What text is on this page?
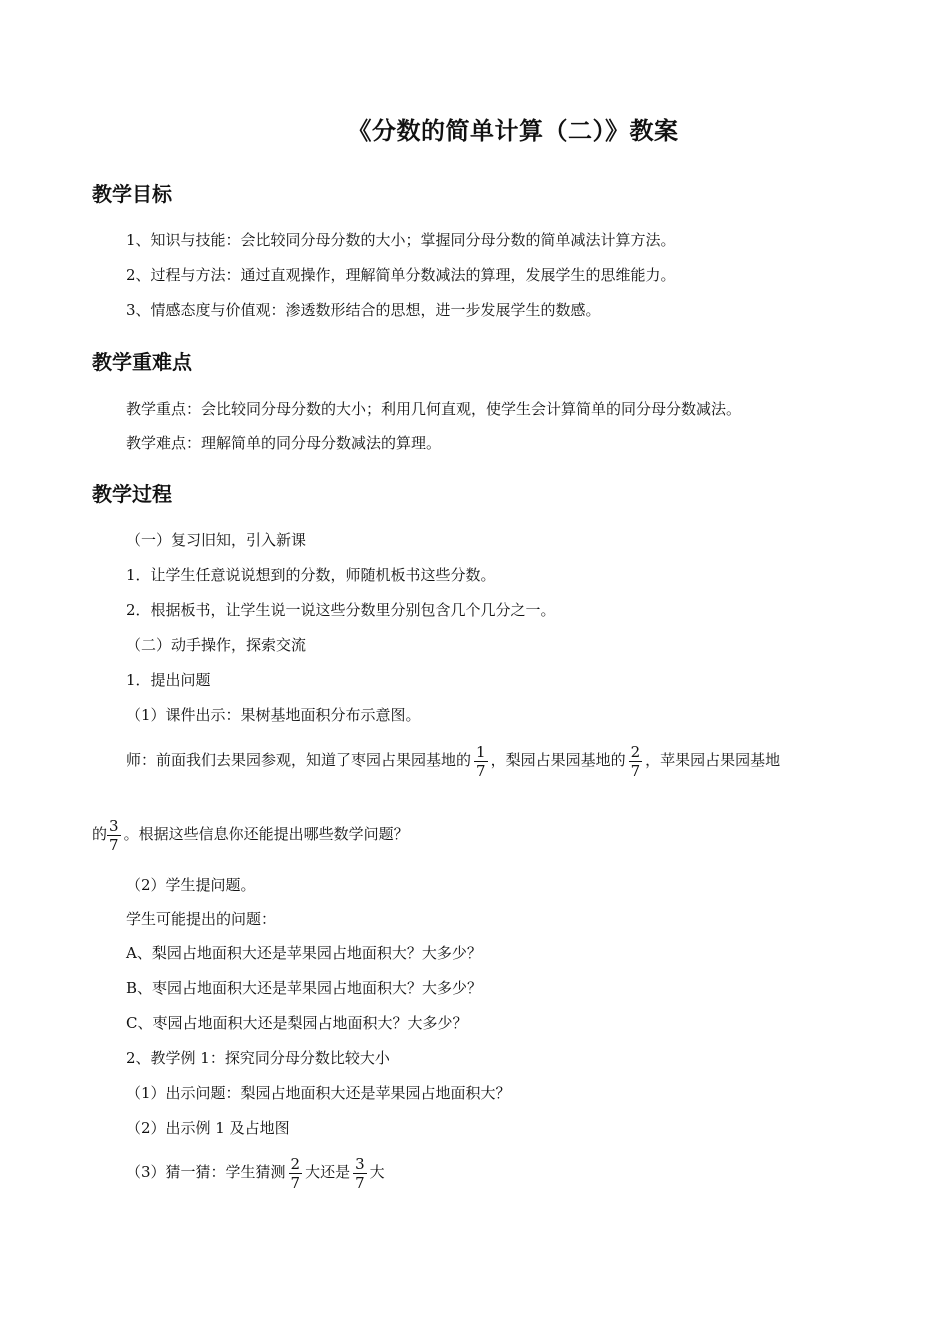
《分数的简单计算（二）》教案
教学目标
1、知识与技能：会比较同分母分数的大小；掌握同分母分数的简单减法计算方法。
2、过程与方法：通过直观操作，理解简单分数减法的算理，发展学生的思维能力。
3、情感态度与价值观：渗透数形结合的思想，进一步发展学生的数感。
教学重难点
教学重点：会比较同分母分数的大小；利用几何直观，使学生会计算简单的同分母分数减法。
教学难点：理解简单的同分母分数减法的算理。
教学过程
（一）复习旧知，引入新课
1．让学生任意说说想到的分数，师随机板书这些分数。
2．根据板书，让学生说一说这些分数里分别包含几个几分之一。
（二）动手操作，探索交流
1．提出问题
（1）课件出示：果树基地面积分布示意图。
师：前面我们去果园参观，知道了枣园占果园基地的 $\frac{1}{7}$ ，梨园占果园基地的 $\frac{2}{7}$ ，苹果园占果园基地
的 $\frac{3}{7}$ 。根据这些信息你还能提出哪些数学问题？
（2）学生提问题。
学生可能提出的问题：
A、梨园占地面积大还是苹果园占地面积大？大多少？
B、枣园占地面积大还是苹果园占地面积大？大多少？
C、枣园占地面积大还是梨园占地面积大？大多少？
2、教学例 1：探究同分母分数比较大小
（1）出示问题：梨园占地面积大还是苹果园占地面积大？
（2）出示例 1 及占地图
（3）猜一猜：学生猜测 $\frac{2}{7}$ 大还是 $\frac{3}{7}$ 大
